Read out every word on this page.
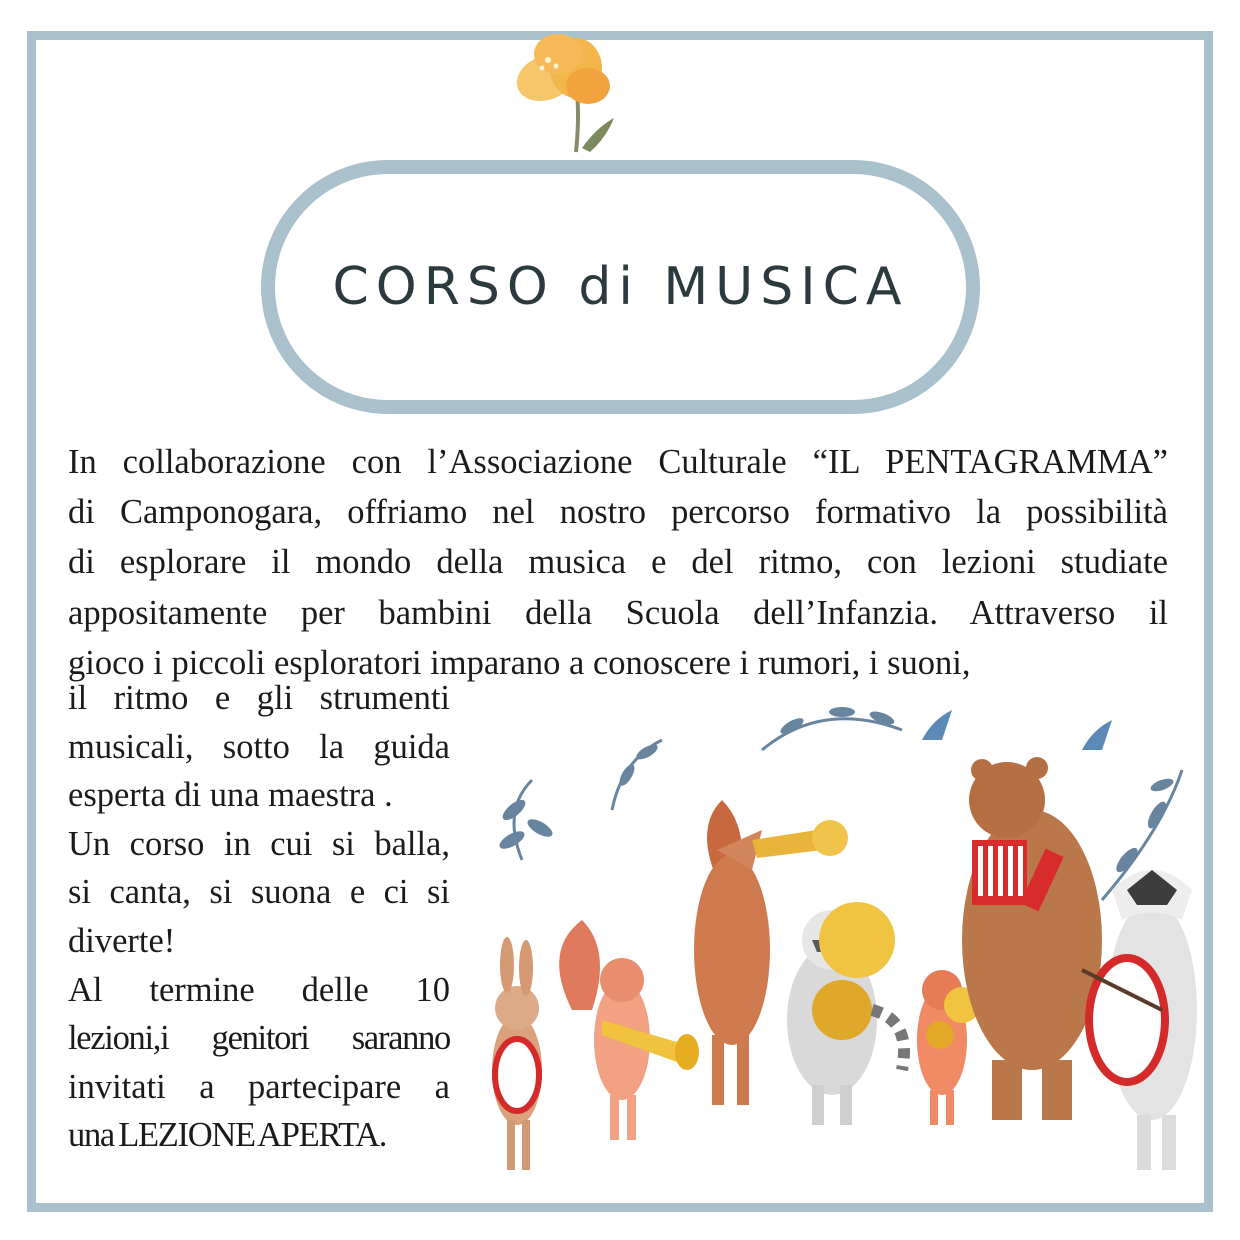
CORSO di MUSICA
In collaborazione con l’Associazione Culturale “IL PENTAGRAMMA”
di Camponogara, offriamo nel nostro percorso formativo la possibilità
di esplorare il mondo della musica e del ritmo, con lezioni studiate
appositamente per bambini della Scuola dell’Infanzia. Attraverso il
gioco i piccoli esploratori imparano a conoscere i rumori, i suoni,
il ritmo e gli strumenti
musicali, sotto la guida
esperta di una maestra .
Un corso in cui si balla,
si canta, si suona e ci si
diverte!
Al termine delle 10
lezioni,i genitori saranno
invitati a partecipare a
una LEZIONE APERTA.
